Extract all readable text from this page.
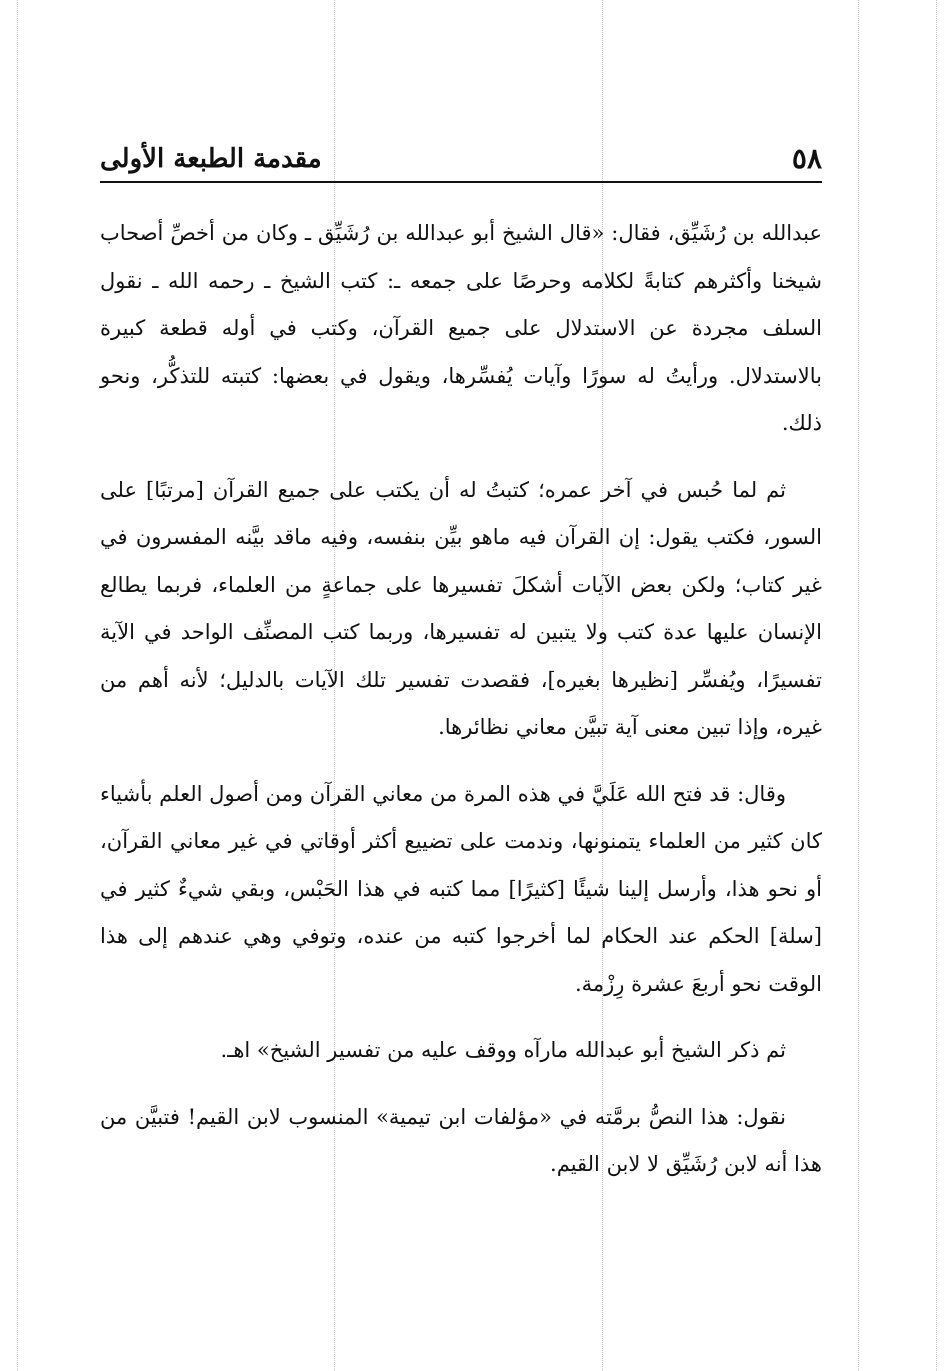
٥٨
مقدمة الطبعة الأولى

عبدالله بن رُشَيِّق، فقال: «قال الشيخ أبو عبدالله بن رُشَيِّق ـ وكان من أخصِّ أصحاب شيخنا وأكثرهم كتابةً لكلامه وحرصًا على جمعه ـ: كتب الشيخ ـ رحمه الله ـ نقول السلف مجردة عن الاستدلال على جميع القرآن، وكتب في أوله قطعة كبيرة بالاستدلال. ورأيتُ له سورًا وآيات يُفسِّرها، ويقول في بعضها: كتبته للتذكُّر، ونحو ذلك.

ثم لما حُبس في آخر عمره؛ كتبتُ له أن يكتب على جميع القرآن [مرتبًا] على السور، فكتب يقول: إن القرآن فيه ماهو بيِّن بنفسه، وفيه ماقد بيَّنه المفسرون في غير كتاب؛ ولكن بعض الآيات أشكلَ تفسيرها على جماعةٍ من العلماء، فربما يطالع الإنسان عليها عدة كتب ولا يتبين له تفسيرها، وربما كتب المصنِّف الواحد في الآية تفسيرًا، ويُفسِّر [نظيرها بغيره]، فقصدت تفسير تلك الآيات بالدليل؛ لأنه أهم من غيره، وإذا تبين معنى آية تبيَّن معاني نظائرها.

وقال: قد فتح الله عَلَيَّ في هذه المرة من معاني القرآن ومن أصول العلم بأشياء كان كثير من العلماء يتمنونها، وندمت على تضييع أكثر أوقاتي في غير معاني القرآن، أو نحو هذا، وأرسل إلينا شيئًا [كثيرًا] مما كتبه في هذا الحَبْس، وبقي شيءٌ كثير في [سلة] الحكم عند الحكام لما أخرجوا كتبه من عنده، وتوفي وهي عندهم إلى هذا الوقت نحو أربعَ عشرة رِزْمة.

ثم ذكر الشيخ أبو عبدالله مارآه ووقف عليه من تفسير الشيخ» اهـ.

نقول: هذا النصُّ برمَّته في «مؤلفات ابن تيمية» المنسوب لابن القيم! فتبيَّن من هذا أنه لابن رُشَيِّق لا لابن القيم.
